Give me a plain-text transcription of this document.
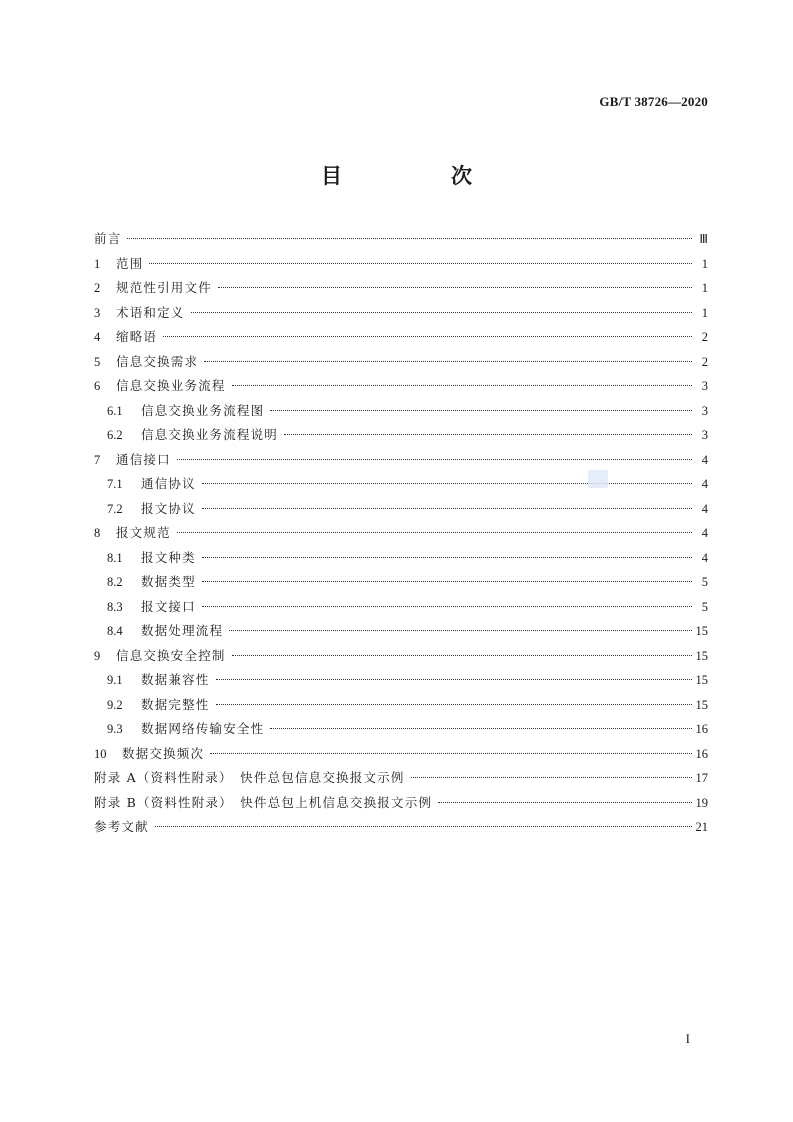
GB/T 38726—2020
目　次
前言	Ⅲ
1	范围	1
2	规范性引用文件	1
3	术语和定义	1
4	缩略语	2
5	信息交换需求	2
6	信息交换业务流程	3
6.1	信息交换业务流程图	3
6.2	信息交换业务流程说明	3
7	通信接口	4
7.1	通信协议	4
7.2	报文协议	4
8	报文规范	4
8.1	报文种类	4
8.2	数据类型	5
8.3	报文接口	5
8.4	数据处理流程	15
9	信息交换安全控制	15
9.1	数据兼容性	15
9.2	数据完整性	15
9.3	数据网络传输安全性	16
10	数据交换频次	16
附录 A（资料性附录）　快件总包信息交换报文示例	17
附录 B（资料性附录）　快件总包上机信息交换报文示例	19
参考文献	21
I
